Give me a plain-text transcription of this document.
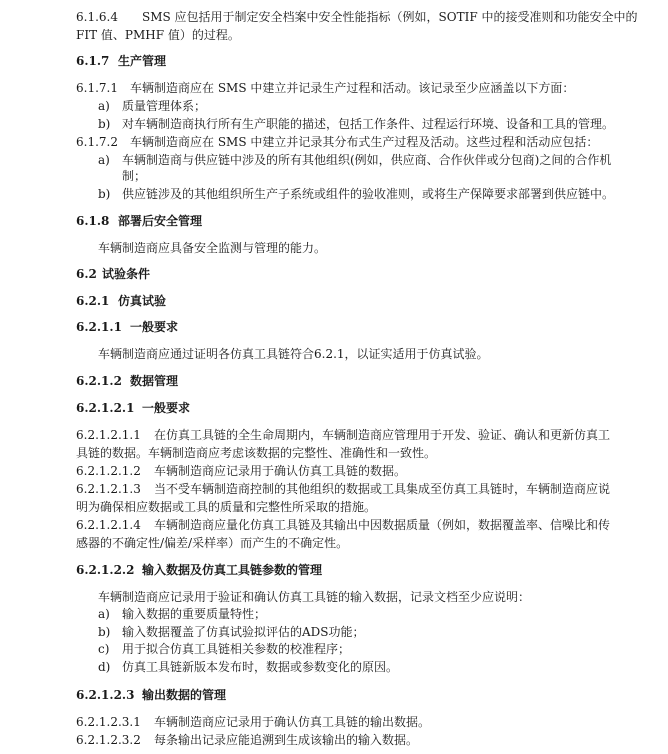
6.1.6.4 SMS 应包括用于制定安全档案中安全性能指标（例如，SOTIF 中的接受准则和功能安全中的
FIT 值、PMHF 值）的过程。
6.1.7 生产管理
6.1.7.1 车辆制造商应在 SMS 中建立并记录生产过程和活动。该记录至少应涵盖以下方面：
a) 质量管理体系；
b) 对车辆制造商执行所有生产职能的描述，包括工作条件、过程运行环境、设备和工具的管理。
6.1.7.2 车辆制造商应在 SMS 中建立并记录其分布式生产过程及活动。这些过程和活动应包括：
a) 车辆制造商与供应链中涉及的所有其他组织(例如，供应商、合作伙伴或分包商)之间的合作机
制；
b) 供应链涉及的其他组织所生产子系统或组件的验收准则，或将生产保障要求部署到供应链中。
6.1.8 部署后安全管理
车辆制造商应具备安全监测与管理的能力。
6.2 试验条件
6.2.1 仿真试验
6.2.1.1 一般要求
车辆制造商应通过证明各仿真工具链符合6.2.1，以证实适用于仿真试验。
6.2.1.2 数据管理
6.2.1.2.1 一般要求
6.2.1.2.1.1 在仿真工具链的全生命周期内，车辆制造商应管理用于开发、验证、确认和更新仿真工
具链的数据。车辆制造商应考虑该数据的完整性、准确性和一致性。
6.2.1.2.1.2 车辆制造商应记录用于确认仿真工具链的数据。
6.2.1.2.1.3 当不受车辆制造商控制的其他组织的数据或工具集成至仿真工具链时，车辆制造商应说
明为确保相应数据或工具的质量和完整性所采取的措施。
6.2.1.2.1.4 车辆制造商应量化仿真工具链及其输出中因数据质量（例如，数据覆盖率、信噪比和传
感器的不确定性/偏差/采样率）而产生的不确定性。
6.2.1.2.2 输入数据及仿真工具链参数的管理
车辆制造商应记录用于验证和确认仿真工具链的输入数据，记录文档至少应说明：
a) 输入数据的重要质量特性；
b) 输入数据覆盖了仿真试验拟评估的ADS功能；
c) 用于拟合仿真工具链相关参数的校准程序；
d) 仿真工具链新版本发布时，数据或参数变化的原因。
6.2.1.2.3 输出数据的管理
6.2.1.2.3.1 车辆制造商应记录用于确认仿真工具链的输出数据。
6.2.1.2.3.2 每条输出记录应能追溯到生成该输出的输入数据。
